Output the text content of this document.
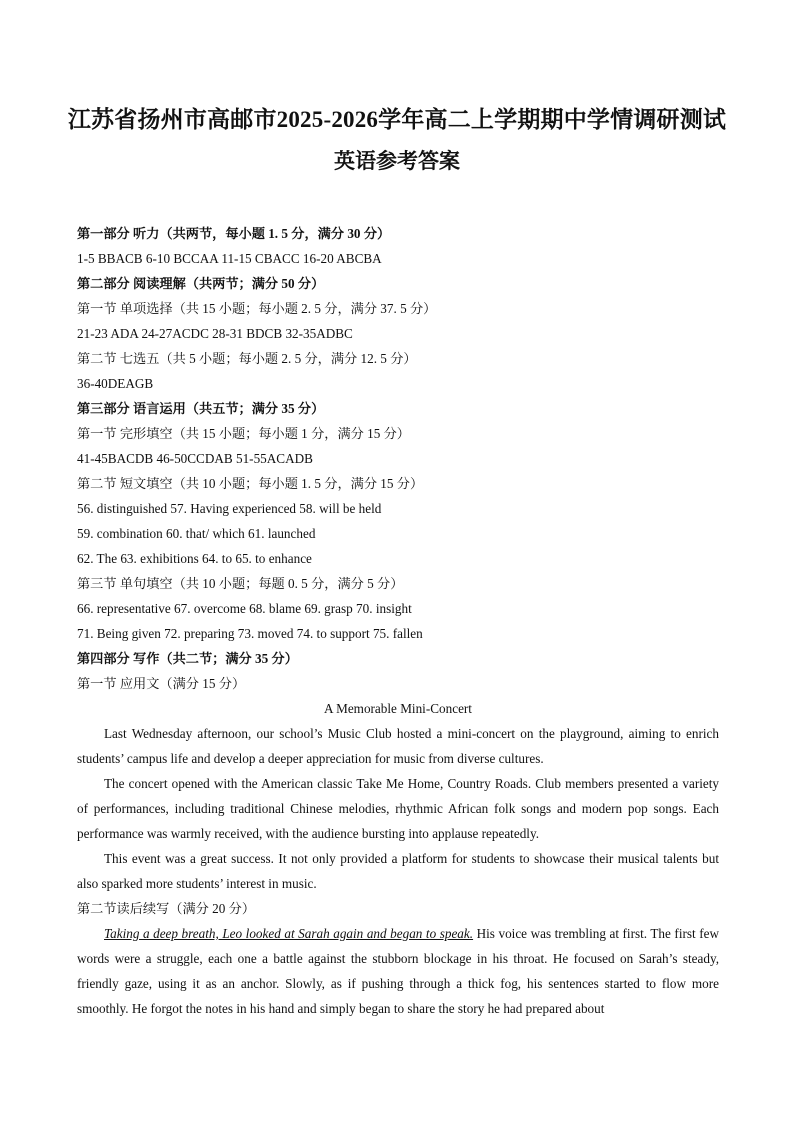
江苏省扬州市高邮市2025-2026学年高二上学期期中学情调研测试
英语参考答案
第一部分 听力（共两节，每小题 1. 5 分，满分 30 分）
1-5 BBACB 6-10 BCCAA 11-15 CBACC 16-20 ABCBA
第二部分 阅读理解（共两节；满分 50 分）
第一节 单项选择（共 15 小题；每小题 2. 5 分，满分 37. 5 分）
21-23 ADA 24-27ACDC 28-31 BDCB 32-35ADBC
第二节 七选五（共 5 小题；每小题 2. 5 分，满分 12. 5 分）
36-40DEAGB
第三部分 语言运用（共五节；满分 35 分）
第一节 完形填空（共 15 小题；每小题 1 分，满分 15 分）
41-45BACDB 46-50CCDAB 51-55ACADB
第二节 短文填空（共 10 小题；每小题 1. 5 分，满分 15 分）
56. distinguished 57. Having experienced 58. will be held
59. combination 60. that/ which 61. launched
62. The 63. exhibitions 64. to 65. to enhance
第三节 单句填空（共 10 小题；每题 0. 5 分，满分 5 分）
66. representative 67. overcome 68. blame 69. grasp 70. insight
71. Being given 72. preparing 73. moved 74. to support 75. fallen
第四部分 写作（共二节；满分 35 分）
第一节 应用文（满分 15 分）
A Memorable Mini-Concert

Last Wednesday afternoon, our school’s Music Club hosted a mini-concert on the playground, aiming to enrich students’ campus life and develop a deeper appreciation for music from diverse cultures.

The concert opened with the American classic Take Me Home, Country Roads. Club members presented a variety of performances, including traditional Chinese melodies, rhythmic African folk songs and modern pop songs. Each performance was warmly received, with the audience bursting into applause repeatedly.

This event was a great success. It not only provided a platform for students to showcase their musical talents but also sparked more students’ interest in music.

第二节读后续写（满分 20 分）

Taking a deep breath, Leo looked at Sarah again and began to speak. His voice was trembling at first. The first few words were a struggle, each one a battle against the stubborn blockage in his throat. He focused on Sarah’s steady, friendly gaze, using it as an anchor. Slowly, as if pushing through a thick fog, his sentences started to flow more smoothly. He forgot the notes in his hand and simply began to share the story he had prepared about
